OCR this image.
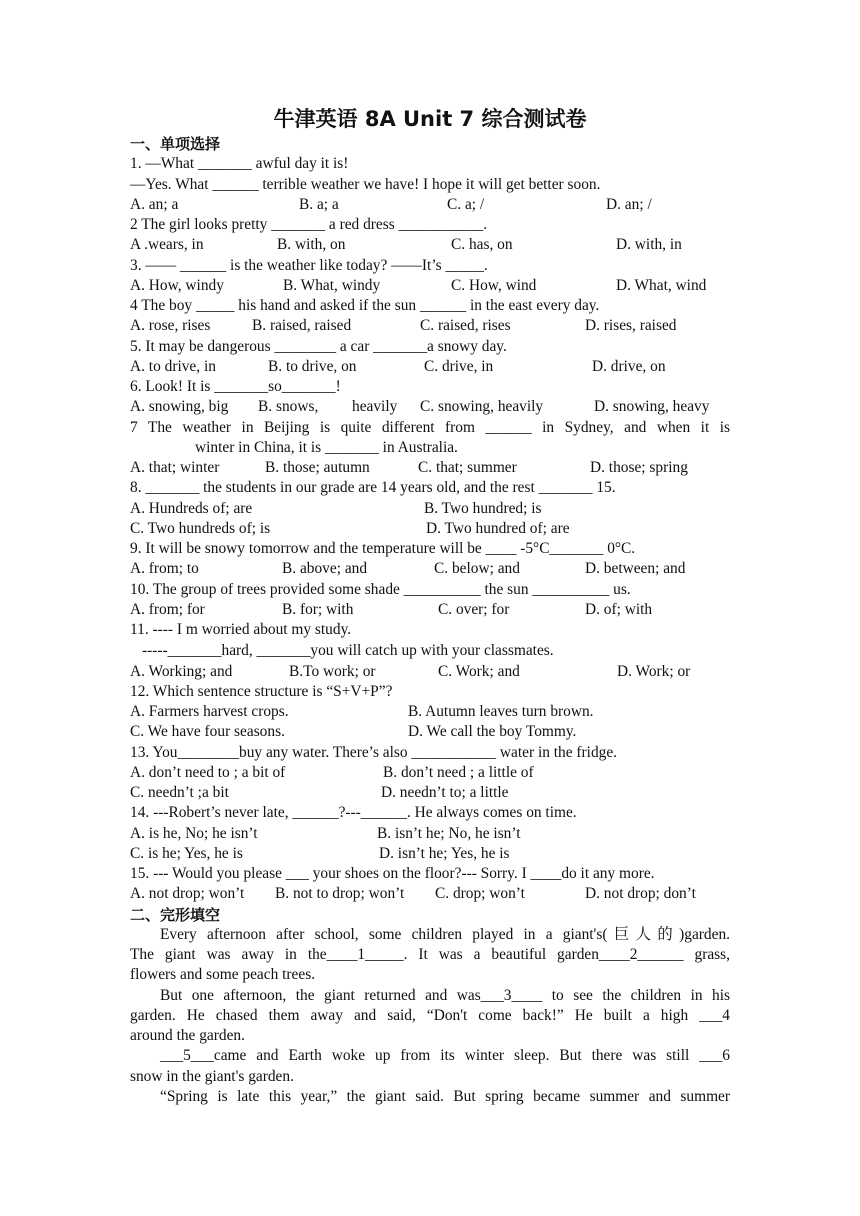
牛津英语 8A Unit 7 综合测试卷
一、单项选择
1. —What _______ awful day it is!
—Yes. What ______ terrible weather we have! I hope it will get better soon.
A. an; a	B. a; a	C. a; /	D. an; /
2 The girl looks pretty _______ a red dress ___________.
A .wears, in	B. with, on	C. has, on	D. with, in
3. —— ______ is the weather like today? ——It’s _____.
A. How, windy	B. What, windy	C. How, wind	D. What, wind
4 The boy _____ his hand and asked if the sun ______ in the east every day.
A. rose, rises	B. raised, raised	C. raised, rises	D. rises, raised
5. It may be dangerous ________ a car _______a snowy day.
A. to drive, in	B. to drive, on	C. drive, in	D. drive, on
6. Look! It is _______so_______!
A. snowing, big	B. snows,	heavily	C. snowing, heavily	D. snowing, heavy
7 The weather in Beijing is quite different from ______ in Sydney, and when it is
winter in China, it is _______ in Australia.
A. that; winter	B. those; autumn	C. that; summer	D. those; spring
8. _______ the students in our grade are 14 years old, and the rest _______ 15.
A. Hundreds of; are	B. Two hundred; is
C. Two hundreds of; is	D. Two hundred of; are
9. It will be snowy tomorrow and the temperature will be ____ -5°C_______ 0°C.
A. from; to	B. above; and	C. below; and	D. between; and
10. The group of trees provided some shade __________ the sun __________ us.
A. from; for	B. for; with	C. over; for	D. of; with
11. ---- I m worried about my study.
-----_______hard, _______you will catch up with your classmates.
A. Working; and	B.To work; or	C. Work; and	D. Work; or
12. Which sentence structure is “S+V+P”?
A. Farmers harvest crops.	B. Autumn leaves turn brown.
C. We have four seasons.	D. We call the boy Tommy.
13. You________buy any water. There’s also ___________ water in the fridge.
A. don’t need to ; a bit of	B. don’t need ; a little of
C. needn’t ;a bit	D. needn’t to; a little
14. ---Robert’s never late, ______?---______. He always comes on time.
A. is he, No; he isn’t	B. isn’t he; No, he isn’t
C. is he; Yes, he is	D. isn’t he; Yes, he is
15. --- Would you please ___ your shoes on the floor?--- Sorry. I ____do it any more.
A. not drop; won’t	B. not to drop; won’t	C. drop; won’t	D. not drop; don’t
二、完形填空
Every afternoon after school, some children played in a giant's(巨人的)garden.
The giant was away in the____1_____. It was a beautiful garden____2______ grass,
flowers and some peach trees.
But one afternoon, the giant returned and was___3____ to see the children in his
garden. He chased them away and said, “Don't come back!” He built a high ___4
around the garden.
___5___came and Earth woke up from its winter sleep. But there was still ___6
snow in the giant's garden.
“Spring is late this year,” the giant said. But spring became summer and summer
